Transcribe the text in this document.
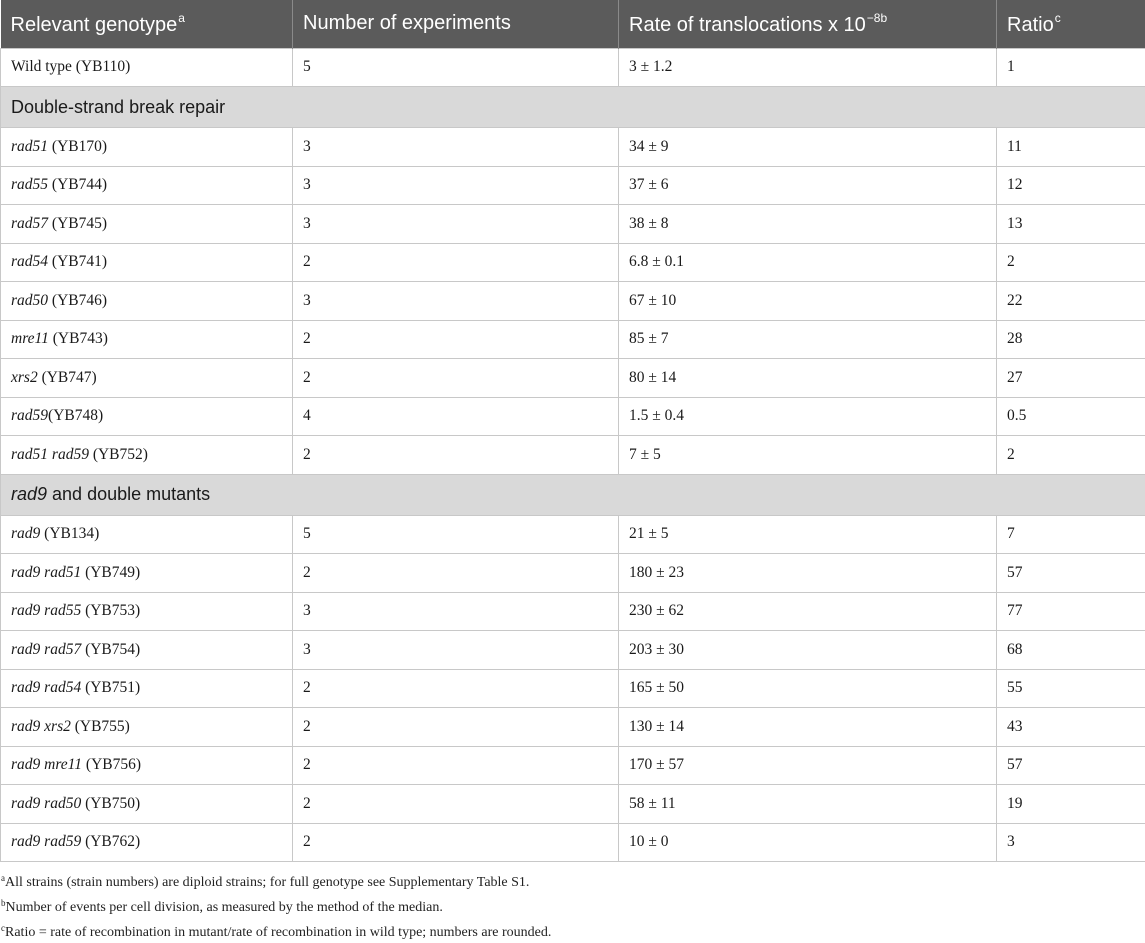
Relevant genotype$^a$	Number of experiments	Rate of translocations x $10^{-8b}$	Ratio$^c$
Wild type (YB110)	5	3 ± 1.2	1
Double-strand break repair			
rad51 (YB170)	3	34 ± 9	11
rad55 (YB744)	3	37 ± 6	12
rad57 (YB745)	3	38 ± 8	13
rad54 (YB741)	2	6.8 ± 0.1	2
rad50 (YB746)	3	67 ± 10	22
mre11 (YB743)	2	85 ± 7	28
xrs2 (YB747)	2	80 ± 14	27
rad59(YB748)	4	1.5 ± 0.4	0.5
rad51 rad59 (YB752)	2	7 ± 5	2
rad9 and double mutants			
rad9 (YB134)	5	21 ± 5	7
rad9 rad51 (YB749)	2	180 ± 23	57
rad9 rad55 (YB753)	3	230 ± 62	77
rad9 rad57 (YB754)	3	203 ± 30	68
rad9 rad54 (YB751)	2	165 ± 50	55
rad9 xrs2 (YB755)	2	130 ± 14	43
rad9 mre11 (YB756)	2	170 ± 57	57
rad9 rad50 (YB750)	2	58 ± 11	19
rad9 rad59 (YB762)	2	10 ± 0	3
$^a$All strains (strain numbers) are diploid strains; for full genotype see Supplementary Table S1.
$^b$Number of events per cell division, as measured by the method of the median.
$^c$Ratio = rate of recombination in mutant/rate of recombination in wild type; numbers are rounded.
